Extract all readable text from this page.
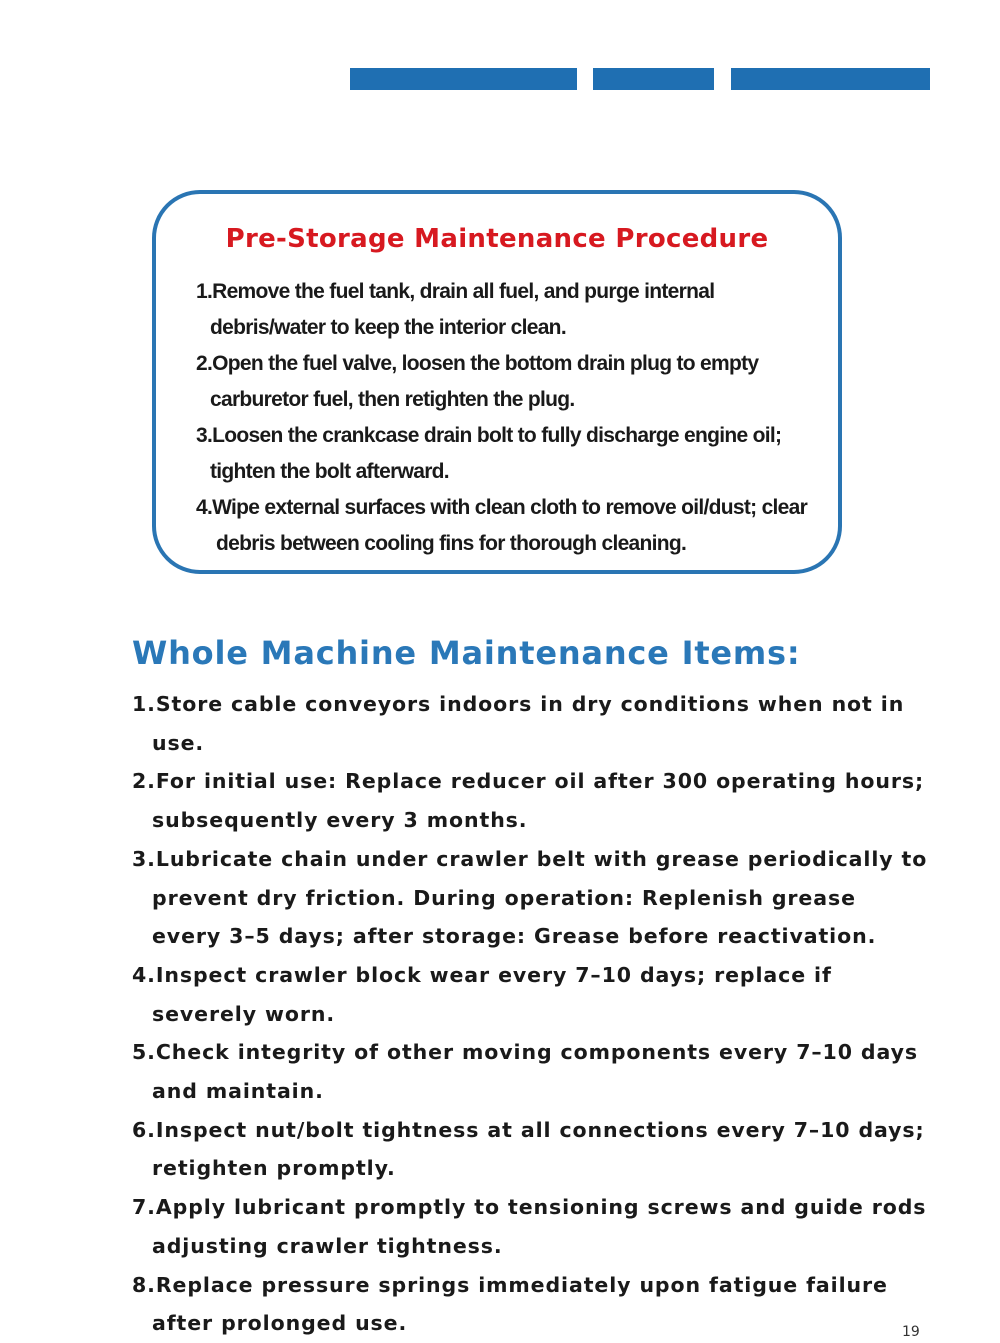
Pre-Storage Maintenance Procedure
1.Remove the fuel tank, drain all fuel, and purge internal debris/water to keep the interior clean.
2.Open the fuel valve, loosen the bottom drain plug to empty carburetor fuel, then retighten the plug.
3.Loosen the crankcase drain bolt to fully discharge engine oil; tighten the bolt afterward.
4.Wipe external surfaces with clean cloth to remove oil/dust; clear debris between cooling fins for thorough cleaning.
Whole Machine Maintenance Items:
1.Store cable conveyors indoors in dry conditions when not in use.
2.For initial use: Replace reducer oil after 300 operating hours; subsequently every 3 months.
3.Lubricate chain under crawler belt with grease periodically to prevent dry friction. During operation: Replenish grease every 3–5 days; after storage: Grease before reactivation.
4.Inspect crawler block wear every 7–10 days; replace if severely worn.
5.Check integrity of other moving components every 7–10 days and maintain.
6.Inspect nut/bolt tightness at all connections every 7–10 days; retighten promptly.
7.Apply lubricant promptly to tensioning screws and guide rods adjusting crawler tightness.
8.Replace pressure springs immediately upon fatigue failure after prolonged use.	19
